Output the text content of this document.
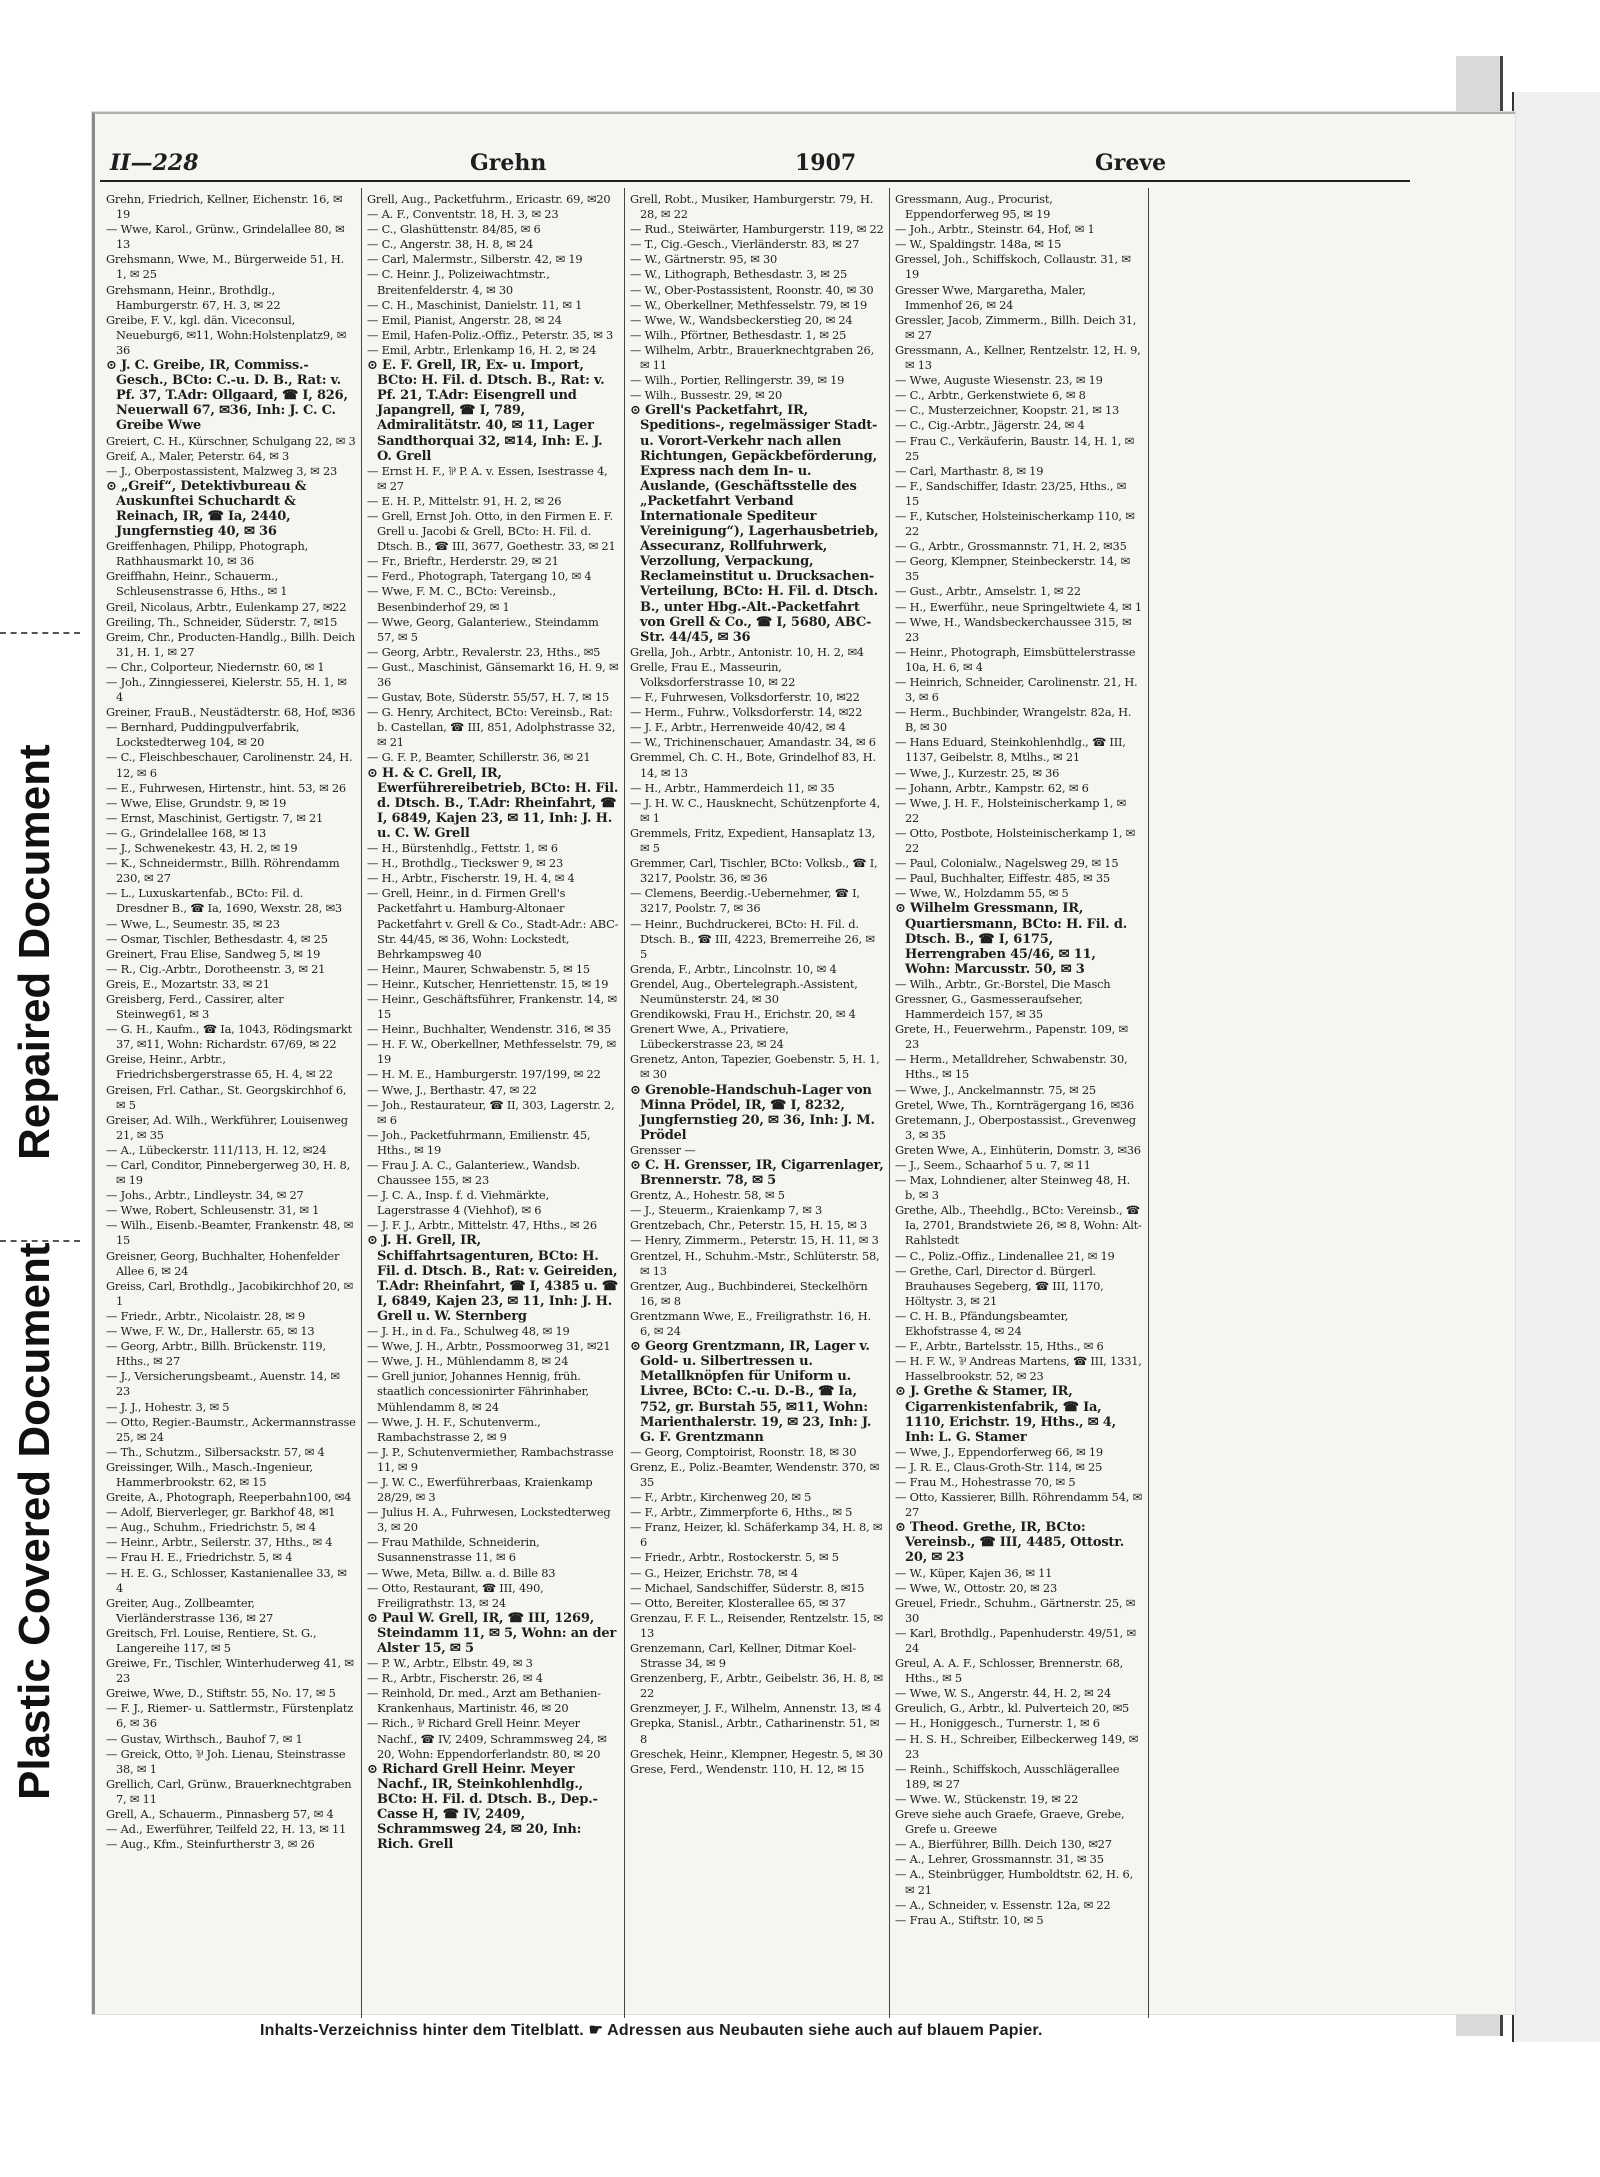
Repaired Document
Plastic Covered Document
II—228	Grehn	1907	Greve

Grehn, Friedrich, Kellner, Eichenstr. 16, ✉ 19

— Wwe, Karol., Grünw., Grindelallee 80, ✉ 13

Grehsmann, Wwe, M., Bürgerweide 51, H. 1, ✉ 25

Grehsmann, Heinr., Brothdlg., Hamburgerstr. 67, H. 3, ✉ 22

Greibe, F. V., kgl. dän. Viceconsul, Neueburg6, ✉11, Wohn:Holstenplatz9, ✉36

⊙ J. C. Greibe, IR, Commiss.-Gesch., BCto: C.-u. D. B., Rat: v. Pf. 37, T.Adr: Ollgaard, ☎ I, 826, Neuerwall 67, ✉36, Inh: J. C. C. Greibe Wwe

Greiert, C. H., Kürschner, Schulgang 22, ✉ 3

Greif, A., Maler, Peterstr. 64, ✉ 3

— J., Oberpostassistent, Malzweg 3, ✉ 23

⊙ „Greif“, Detektivbureau & Auskunftei Schuchardt & Reinach, IR, ☎ Ia, 2440, Jungfernstieg 40, ✉ 36

Greiffenhagen, Philipp, Photograph, Rathhausmarkt 10, ✉ 36

Greiffhahn, Heinr., Schauerm., Schleusenstrasse 6, Hths., ✉ 1

Greil, Nicolaus, Arbtr., Eulenkamp 27, ✉22

Greiling, Th., Schneider, Süderstr. 7, ✉15

Greim, Chr., Producten-Handlg., Billh. Deich 31, H. 1, ✉ 27

— Chr., Colporteur, Niedernstr. 60, ✉ 1

— Joh., Zinngiesserei, Kielerstr. 55, H. 1, ✉ 4

Greiner, FrauB., Neustädterstr. 68, Hof, ✉36

— Bernhard, Puddingpulverfabrik, Lockstedterweg 104, ✉ 20

— C., Fleischbeschauer, Carolinenstr. 24, H. 12, ✉ 6

— E., Fuhrwesen, Hirtenstr., hint. 53, ✉ 26

— Wwe, Elise, Grundstr. 9, ✉ 19

— Ernst, Maschinist, Gertigstr. 7, ✉ 21

— G., Grindelallee 168, ✉ 13

— J., Schwenekestr. 43, H. 2, ✉ 19

— K., Schneidermstr., Billh. Röhrendamm 230, ✉ 27

— L., Luxuskartenfab., BCto: Fil. d. Dresdner B., ☎ Ia, 1690, Wexstr. 28, ✉3

— Wwe, L., Seumestr. 35, ✉ 23

— Osmar, Tischler, Bethesdastr. 4, ✉ 25

Greinert, Frau Elise, Sandweg 5, ✉ 19

— R., Cig.-Arbtr., Dorotheenstr. 3, ✉ 21

Greis, E., Mozartstr. 33, ✉ 21

Greisberg, Ferd., Cassirer, alter Steinweg61, ✉ 3

— G. H., Kaufm., ☎ Ia, 1043, Rödingsmarkt 37, ✉11, Wohn: Richardstr. 67/69, ✉ 22

Greise, Heinr., Arbtr., Friedrichsbergerstrasse 65, H. 4, ✉ 22

Greisen, Frl. Cathar., St. Georgskirchhof 6, ✉ 5

Greiser, Ad. Wilh., Werkführer, Louisenweg 21, ✉ 35

— A., Lübeckerstr. 111/113, H. 12, ✉24

— Carl, Conditor, Pinnebergerweg 30, H. 8, ✉ 19

— Johs., Arbtr., Lindleystr. 34, ✉ 27

— Wwe, Robert, Schleusenstr. 31, ✉ 1

— Wilh., Eisenb.-Beamter, Frankenstr. 48, ✉ 15

Greisner, Georg, Buchhalter, Hohenfelder Allee 6, ✉ 24

Greiss, Carl, Brothdlg., Jacobikirchhof 20, ✉ 1

— Friedr., Arbtr., Nicolaistr. 28, ✉ 9

— Wwe, F. W., Dr., Hallerstr. 65, ✉ 13

— Georg, Arbtr., Billh. Brückenstr. 119, Hths., ✉ 27

— J., Versicherungsbeamt., Auenstr. 14, ✉ 23

— J. J., Hohestr. 3, ✉ 5

— Otto, Regier.-Baumstr., Ackermannstrasse 25, ✉ 24

— Th., Schutzm., Silbersackstr. 57, ✉ 4

Greissinger, Wilh., Masch.-Ingenieur, Hammerbrookstr. 62, ✉ 15

Greite, A., Photograph, Reeperbahn100, ✉4

— Adolf, Bierverleger, gr. Barkhof 48, ✉1

— Aug., Schuhm., Friedrichstr. 5, ✉ 4

— Heinr., Arbtr., Seilerstr. 37, Hths., ✉ 4

— Frau H. E., Friedrichstr. 5, ✉ 4

— H. E. G., Schlosser, Kastanienallee 33, ✉ 4

Greiter, Aug., Zollbeamter, Vierländerstrasse 136, ✉ 27

Greitsch, Frl. Louise, Rentiere, St. G., Langereihe 117, ✉ 5

Greiwe, Fr., Tischler, Winterhuderweg 41, ✉ 23

Greiwe, Wwe, D., Stiftstr. 55, No. 17, ✉ 5

— F. J., Riemer- u. Sattlermstr., Fürstenplatz 6, ✉ 36

— Gustav, Wirthsch., Bauhof 7, ✉ 1

— Greick, Otto, ⅌ Joh. Lienau, Steinstrasse 38, ✉ 1

Grellich, Carl, Grünw., Brauerknechtgraben 7, ✉ 11

Grell, A., Schauerm., Pinnasberg 57, ✉ 4

— Ad., Ewerführer, Teilfeld 22, H. 13, ✉ 11

— Aug., Kfm., Steinfurtherstr 3, ✉ 26

Grell, Aug., Packetfuhrm., Ericastr. 69, ✉20

— A. F., Conventstr. 18, H. 3, ✉ 23

— C., Glashüttenstr. 84/85, ✉ 6

— C., Angerstr. 38, H. 8, ✉ 24

— Carl, Malermstr., Silberstr. 42, ✉ 19

— C. Heinr. J., Polizeiwachtmstr., Breitenfelderstr. 4, ✉ 30

— C. H., Maschinist, Danielstr. 11, ✉ 1

— Emil, Pianist, Angerstr. 28, ✉ 24

— Emil, Hafen-Poliz.-Offiz., Peterstr. 35, ✉ 3

— Emil, Arbtr., Erlenkamp 16, H. 2, ✉ 24

⊙ E. F. Grell, IR, Ex- u. Import, BCto: H. Fil. d. Dtsch. B., Rat: v. Pf. 21, T.Adr: Eisengrell und Japangrell, ☎ I, 789, Admiralitätstr. 40, ✉ 11, Lager Sandthorquai 32, ✉14, Inh: E. J. O. Grell

— Ernst H. F., ⅌ P. A. v. Essen, Isestrasse 4, ✉ 27

— E. H. P., Mittelstr. 91, H. 2, ✉ 26

— Grell, Ernst Joh. Otto, in den Firmen E. F. Grell u. Jacobi & Grell, BCto: H. Fil. d. Dtsch. B., ☎ III, 3677, Goethestr. 33, ✉ 21

— Fr., Brieftr., Herderstr. 29, ✉ 21

— Ferd., Photograph, Tatergang 10, ✉ 4

— Wwe, F. M. C., BCto: Vereinsb., Besenbinderhof 29, ✉ 1

— Wwe, Georg, Galanteriew., Steindamm 57, ✉ 5

— Georg, Arbtr., Revalerstr. 23, Hths., ✉5

— Gust., Maschinist, Gänsemarkt 16, H. 9, ✉ 36

— Gustav, Bote, Süderstr. 55/57, H. 7, ✉ 15

— G. Henry, Architect, BCto: Vereinsb., Rat: b. Castellan, ☎ III, 851, Adolphstrasse 32, ✉ 21

— G. F. P., Beamter, Schillerstr. 36, ✉ 21

⊙ H. & C. Grell, IR, Ewerführereibetrieb, BCto: H. Fil. d. Dtsch. B., T.Adr: Rheinfahrt, ☎ I, 6849, Kajen 23, ✉ 11, Inh: J. H. u. C. W. Grell

— H., Bürstenhdlg., Fettstr. 1, ✉ 6

— H., Brothdlg., Tieckswег 9, ✉ 23

— H., Arbtr., Fischerstr. 19, H. 4, ✉ 4

— Grell, Heinr., in d. Firmen Grell's Packetfahrt u. Hamburg-Altonaer Packetfahrt v. Grell & Co., Stadt-Adr.: ABC-Str. 44/45, ✉ 36, Wohn: Lockstedt, Behrkampsweg 40

— Heinr., Maurer, Schwabenstr. 5, ✉ 15

— Heinr., Kutscher, Henriettenstr. 15, ✉ 19

— Heinr., Geschäftsführer, Frankenstr. 14, ✉ 15

— Heinr., Buchhalter, Wendenstr. 316, ✉ 35

— H. F. W., Oberkellner, Methfesselstr. 79, ✉ 19

— H. M. E., Hamburgerstr. 197/199, ✉ 22

— Wwe, J., Berthastr. 47, ✉ 22

— Joh., Restaurateur, ☎ II, 303, Lagerstr. 2, ✉ 6

— Joh., Packetfuhrmann, Emilienstr. 45, Hths., ✉ 19

— Frau J. A. C., Galanteriew., Wandsb. Chaussee 155, ✉ 23

— J. C. A., Insp. f. d. Viehmärkte, Lagerstrasse 4 (Viehhof), ✉ 6

— J. F. J., Arbtr., Mittelstr. 47, Hths., ✉ 26

⊙ J. H. Grell, IR, Schiffahrtsagenturen, BCto: H. Fil. d. Dtsch. B., Rat: v. Geireiden, T.Adr: Rheinfahrt, ☎ I, 4385 u. ☎ I, 6849, Kajen 23, ✉ 11, Inh: J. H. Grell u. W. Sternberg

— J. H., in d. Fa., Schulweg 48, ✉ 19

— Wwe, J. H., Arbtr., Possmoorweg 31, ✉21

— Wwe, J. H., Mühlendamm 8, ✉ 24

— Grell junior, Johannes Hennig, früh. staatlich concessionirter Fährinhaber, Mühlendamm 8, ✉ 24

— Wwe, J. H. F., Schutenverm., Rambachstrasse 2, ✉ 9

— J. P., Schutenvermiether, Rambachstrasse 11, ✉ 9

— J. W. C., Ewerführerbaas, Kraienkamp 28/29, ✉ 3

— Julius H. A., Fuhrwesen, Lockstedterweg 3, ✉ 20

— Frau Mathilde, Schneiderin, Susannenstrasse 11, ✉ 6

— Wwe, Meta, Billw. a. d. Bille 83

— Otto, Restaurant, ☎ III, 490, Freiligrathstr. 13, ✉ 24

⊙ Paul W. Grell, IR, ☎ III, 1269, Steindamm 11, ✉ 5, Wohn: an der Alster 15, ✉ 5

— P. W., Arbtr., Elbstr. 49, ✉ 3

— R., Arbtr., Fischerstr. 26, ✉ 4

— Reinhold, Dr. med., Arzt am Bethanien-Krankenhaus, Martinistr. 46, ✉ 20

— Rich., ⅌ Richard Grell Heinr. Meyer Nachf., ☎ IV, 2409, Schrammsweg 24, ✉ 20, Wohn: Eppendorferlandstr. 80, ✉ 20

⊙ Richard Grell Heinr. Meyer Nachf., IR, Steinkohlenhdlg., BCto: H. Fil. d. Dtsch. B., Dep.-Casse H, ☎ IV, 2409, Schrammsweg 24, ✉ 20, Inh: Rich. Grell

Grell, Robt., Musiker, Hamburgerstr. 79, H. 28, ✉ 22

— Rud., Steiwärter, Hamburgerstr. 119, ✉ 22

— T., Cig.-Gesch., Vierländerstr. 83, ✉ 27

— W., Gärtnerstr. 95, ✉ 30

— W., Lithograph, Bethesdastr. 3, ✉ 25

— W., Ober-Postassistent, Roonstr. 40, ✉ 30

— W., Oberkellner, Methfesselstr. 79, ✉ 19

— Wwe, W., Wandsbeckerstieg 20, ✉ 24

— Wilh., Pförtner, Bethesdastr. 1, ✉ 25

— Wilhelm, Arbtr., Brauerknechtgraben 26, ✉ 11

— Wilh., Portier, Rellingerstr. 39, ✉ 19

— Wilh., Bussestr. 29, ✉ 20

⊙ Grell's Packetfahrt, IR, Speditions-, regelmässiger Stadt- u. Vorort-Verkehr nach allen Richtungen, Gepäckbeförderung, Express nach dem In- u. Auslande, (Geschäftsstelle des „Packetfahrt Verband Internationale Spediteur Vereinigung“), Lagerhausbetrieb, Assecuranz, Rollfuhrwerk, Verzollung, Verpackung, Reclameinstitut u. Drucksachen-Verteilung, BCto: H. Fil. d. Dtsch. B., unter Hbg.-Alt.-Packetfahrt von Grell & Co., ☎ I, 5680, ABC-Str. 44/45, ✉ 36

Grella, Joh., Arbtr., Antonistr. 10, H. 2, ✉4

Grelle, Frau E., Masseurin, Volksdorferstrasse 10, ✉ 22

— F., Fuhrwesen, Volksdorferstr. 10, ✉22

— Herm., Fuhrw., Volksdorferstr. 14, ✉22

— J. F., Arbtr., Herrenweide 40/42, ✉ 4

— W., Trichinenschauer, Amandastr. 34, ✉ 6

Gremmel, Ch. C. H., Bote, Grindelhof 83, H. 14, ✉ 13

— H., Arbtr., Hammerdeich 11, ✉ 35

— J. H. W. C., Hausknecht, Schützenpforte 4, ✉ 1

Gremmels, Fritz, Expedient, Hansaplatz 13, ✉ 5

Gremmer, Carl, Tischler, BCto: Volksb., ☎ I, 3217, Poolstr. 36, ✉ 36

— Clemens, Beerdig.-Uebernehmer, ☎ I, 3217, Poolstr. 7, ✉ 36

— Heinr., Buchdruckerei, BCto: H. Fil. d. Dtsch. B., ☎ III, 4223, Bremerreihe 26, ✉ 5

Grenda, F., Arbtr., Lincolnstr. 10, ✉ 4

Grendel, Aug., Obertelegraph.-Assistent, Neumünsterstr. 24, ✉ 30

Grendikowski, Frau H., Erichstr. 20, ✉ 4

Grenert Wwe, A., Privatiere, Lübeckerstrasse 23, ✉ 24

Grenetz, Anton, Tapezier, Goebenstr. 5, H. 1, ✉ 30

⊙ Grenoble-Handschuh-Lager von Minna Prödel, IR, ☎ I, 8232, Jungfernstieg 20, ✉ 36, Inh: J. M. Prödel

Grensser —

⊙ C. H. Grensser, IR, Cigarrenlager, Brennerstr. 78, ✉ 5

Grentz, A., Hohestr. 58, ✉ 5

— J., Steuerm., Kraienkamp 7, ✉ 3

Grentzebach, Chr., Peterstr. 15, H. 15, ✉ 3

— Henry, Zimmerm., Peterstr. 15, H. 11, ✉ 3

Grentzel, H., Schuhm.-Mstr., Schlüterstr. 58, ✉ 13

Grentzer, Aug., Buchbinderei, Steckelhörn 16, ✉ 8

Grentzmann Wwe, E., Freiligrathstr. 16, H. 6, ✉ 24

⊙ Georg Grentzmann, IR, Lager v. Gold- u. Silbertressen u. Metallknöpfen für Uniform u. Livree, BCto: C.-u. D.-B., ☎ Ia, 752, gr. Burstah 55, ✉11, Wohn: Marienthalerstr. 19, ✉ 23, Inh: J. G. F. Grentzmann

— Georg, Comptoirist, Roonstr. 18, ✉ 30

Grenz, E., Poliz.-Beamter, Wendenstr. 370, ✉ 35

— F., Arbtr., Kirchenweg 20, ✉ 5

— F., Arbtr., Zimmerpforte 6, Hths., ✉ 5

— Franz, Heizer, kl. Schäferkamp 34, H. 8, ✉ 6

— Friedr., Arbtr., Rostockerstr. 5, ✉ 5

— G., Heizer, Erichstr. 78, ✉ 4

— Michael, Sandschiffer, Süderstr. 8, ✉15

— Otto, Bereiter, Klosterallee 65, ✉ 37

Grenzau, F. F. L., Reisender, Rentzelstr. 15, ✉ 13

Grenzemann, Carl, Kellner, Ditmar Koel-Strasse 34, ✉ 9

Grenzenberg, F., Arbtr., Geibelstr. 36, H. 8, ✉ 22

Grenzmeyer, J. F., Wilhelm, Annenstr. 13, ✉ 4

Grepka, Stanisl., Arbtr., Catharinenstr. 51, ✉ 8

Greschek, Heinr., Klempner, Hegestr. 5, ✉ 30

Grese, Ferd., Wendenstr. 110, H. 12, ✉ 15

Gressmann, Aug., Procurist, Eppendorferweg 95, ✉ 19

— Joh., Arbtr., Steinstr. 64, Hof, ✉ 1

— W., Spaldingstr. 148a, ✉ 15

Gressel, Joh., Schiffskoch, Collaustr. 31, ✉ 19

Gresser Wwe, Margaretha, Maler, Immenhof 26, ✉ 24

Gressler, Jacob, Zimmerm., Billh. Deich 31, ✉ 27

Gressmann, A., Kellner, Rentzelstr. 12, H. 9, ✉ 13

— Wwe, Auguste Wiesenstr. 23, ✉ 19

— C., Arbtr., Gerkenstwiete 6, ✉ 8

— C., Musterzeichner, Koopstr. 21, ✉ 13

— C., Cig.-Arbtr., Jägerstr. 24, ✉ 4

— Frau C., Verkäuferin, Baustr. 14, H. 1, ✉ 25

— Carl, Marthastr. 8, ✉ 19

— F., Sandschiffer, Idastr. 23/25, Hths., ✉ 15

— F., Kutscher, Holsteinischerkamp 110, ✉ 22

— G., Arbtr., Grossmannstr. 71, H. 2, ✉35

— Georg, Klempner, Steinbeckerstr. 14, ✉ 35

— Gust., Arbtr., Amselstr. 1, ✉ 22

— H., Ewerführ., neue Springeltwiete 4, ✉ 1

— Wwe, H., Wandsbeckerchaussee 315, ✉ 23

— Heinr., Photograph, Eimsbüttelerstrasse 10a, H. 6, ✉ 4

— Heinrich, Schneider, Carolinenstr. 21, H. 3, ✉ 6

— Herm., Buchbinder, Wrangelstr. 82a, H. B, ✉ 30

— Hans Eduard, Steinkohlenhdlg., ☎ III, 1137, Geibelstr. 8, Mtlhs., ✉ 21

— Wwe, J., Kurzestr. 25, ✉ 36

— Johann, Arbtr., Kampstr. 62, ✉ 6

— Wwe, J. H. F., Holsteinischerkamp 1, ✉ 22

— Otto, Postbote, Holsteinischerkamp 1, ✉ 22

— Paul, Colonialw., Nagelsweg 29, ✉ 15

— Paul, Buchhalter, Eiffestr. 485, ✉ 35

— Wwe, W., Holzdamm 55, ✉ 5

⊙ Wilhelm Gressmann, IR, Quartiersmann, BCto: H. Fil. d. Dtsch. B., ☎ I, 6175, Herrengraben 45/46, ✉ 11, Wohn: Marcusstr. 50, ✉ 3

— Wilh., Arbtr., Gr.-Borstel, Die Masch

Gressner, G., Gasmesseraufseher, Hammerdeich 157, ✉ 35

Grete, H., Feuerwehrm., Papenstr. 109, ✉ 23

— Herm., Metalldreher, Schwabenstr. 30, Hths., ✉ 15

— Wwe, J., Anckelmannstr. 75, ✉ 25

Gretel, Wwe, Th., Kornträgergang 16, ✉36

Gretemann, J., Oberpostassist., Grevenweg 3, ✉ 35

Greten Wwe, A., Einhüterin, Domstr. 3, ✉36

— J., Seem., Schaarhof 5 u. 7, ✉ 11

— Max, Lohndiener, alter Steinweg 48, H. b, ✉ 3

Grethe, Alb., Theehdlg., BCto: Vereinsb., ☎ Ia, 2701, Brandstwiete 26, ✉ 8, Wohn: Alt-Rahlstedt

— C., Poliz.-Offiz., Lindenallee 21, ✉ 19

— Grethe, Carl, Director d. Bürgerl. Brauhauses Segeberg, ☎ III, 1170, Höltystr. 3, ✉ 21

— C. H. B., Pfändungsbeamter, Ekhofstrasse 4, ✉ 24

— F., Arbtr., Bartelsstr. 15, Hths., ✉ 6

— H. F. W., ⅌ Andreas Martens, ☎ III, 1331, Hasselbrookstr. 52, ✉ 23

⊙ J. Grethe & Stamer, IR, Cigarrenkistenfabrik, ☎ Ia, 1110, Erichstr. 19, Hths., ✉ 4, Inh: L. G. Stamer

— Wwe, J., Eppendorferweg 66, ✉ 19

— J. R. E., Claus-Groth-Str. 114, ✉ 25

— Frau M., Hohestrasse 70, ✉ 5

— Otto, Kassierer, Billh. Röhrendamm 54, ✉ 27

⊙ Theod. Grethe, IR, BCto: Vereinsb., ☎ III, 4485, Ottostr. 20, ✉ 23

— W., Küper, Kajen 36, ✉ 11

— Wwe, W., Ottostr. 20, ✉ 23

Greuel, Friedr., Schuhm., Gärtnerstr. 25, ✉ 30

— Karl, Brothdlg., Papenhuderstr. 49/51, ✉ 24

Greul, A. A. F., Schlosser, Brennerstr. 68, Hths., ✉ 5

— Wwe, W. S., Angerstr. 44, H. 2, ✉ 24

Greulich, G., Arbtr., kl. Pulverteich 20, ✉5

— H., Honiggesch., Turnerstr. 1, ✉ 6

— H. S. H., Schreiber, Eilbeckerweg 149, ✉ 23

— Reinh., Schiffskoch, Ausschlägerallee 189, ✉ 27

— Wwe. W., Stückenstr. 19, ✉ 22

Greve siehe auch Graefe, Graeve, Grebe, Grefe u. Greewe

— A., Bierführer, Billh. Deich 130, ✉27

— A., Lehrer, Grossmannstr. 31, ✉ 35

— A., Steinbrügger, Humboldtstr. 62, H. 6, ✉ 21

— A., Schneider, v. Essenstr. 12a, ✉ 22

— Frau A., Stiftstr. 10, ✉ 5

Inhalts-Verzeichniss hinter dem Titelblatt. ☛ Adressen aus Neubauten siehe auch auf blauem Papier.
